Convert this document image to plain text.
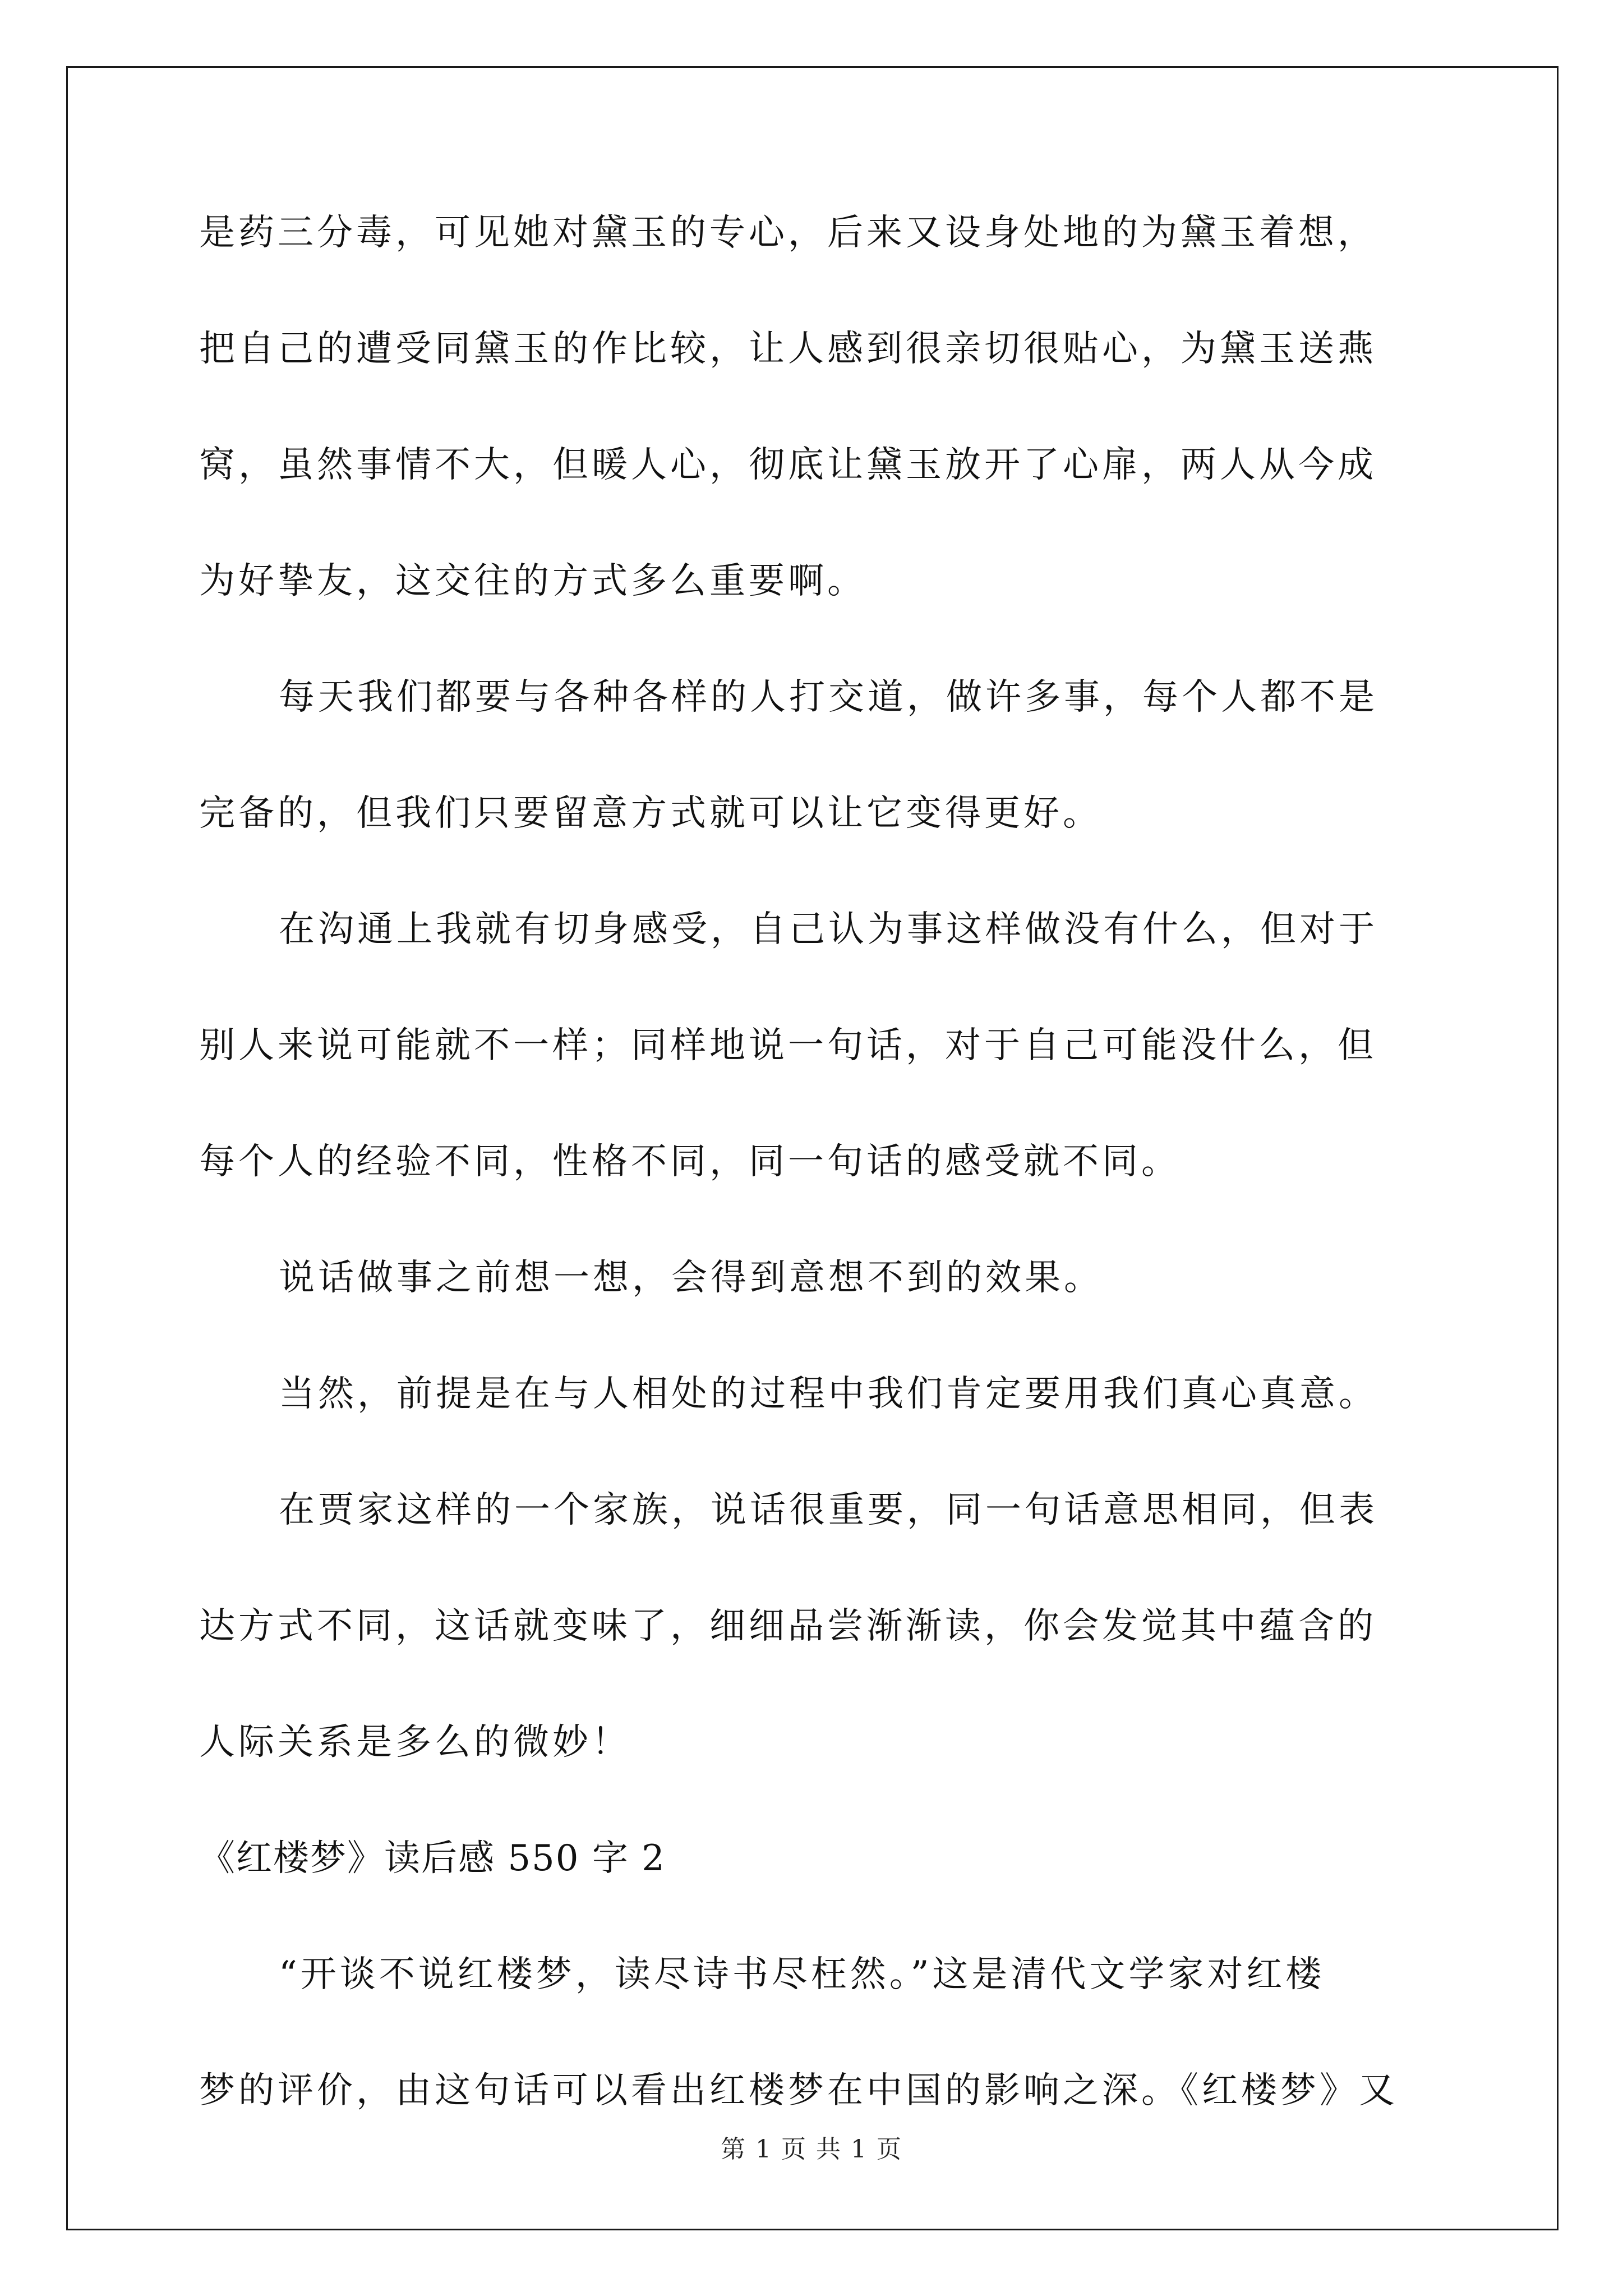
是药三分毒，可见她对黛玉的专心，后来又设身处地的为黛玉着想，
把自己的遭受同黛玉的作比较，让人感到很亲切很贴心，为黛玉送燕
窝，虽然事情不大，但暖人心，彻底让黛玉放开了心扉，两人从今成
为好挚友，这交往的方式多么重要啊。
每天我们都要与各种各样的人打交道，做许多事，每个人都不是
完备的，但我们只要留意方式就可以让它变得更好。
在沟通上我就有切身感受，自己认为事这样做没有什么，但对于
别人来说可能就不一样；同样地说一句话，对于自己可能没什么，但
每个人的经验不同，性格不同，同一句话的感受就不同。
说话做事之前想一想，会得到意想不到的效果。
当然，前提是在与人相处的过程中我们肯定要用我们真心真意。
在贾家这样的一个家族，说话很重要，同一句话意思相同，但表
达方式不同，这话就变味了，细细品尝渐渐读，你会发觉其中蕴含的
人际关系是多么的微妙！
《红楼梦》读后感 550 字 2
“开谈不说红楼梦，读尽诗书尽枉然。”这是清代文学家对红楼
梦的评价，由这句话可以看出红楼梦在中国的影响之深。《红楼梦》又
第 1 页 共 1 页
